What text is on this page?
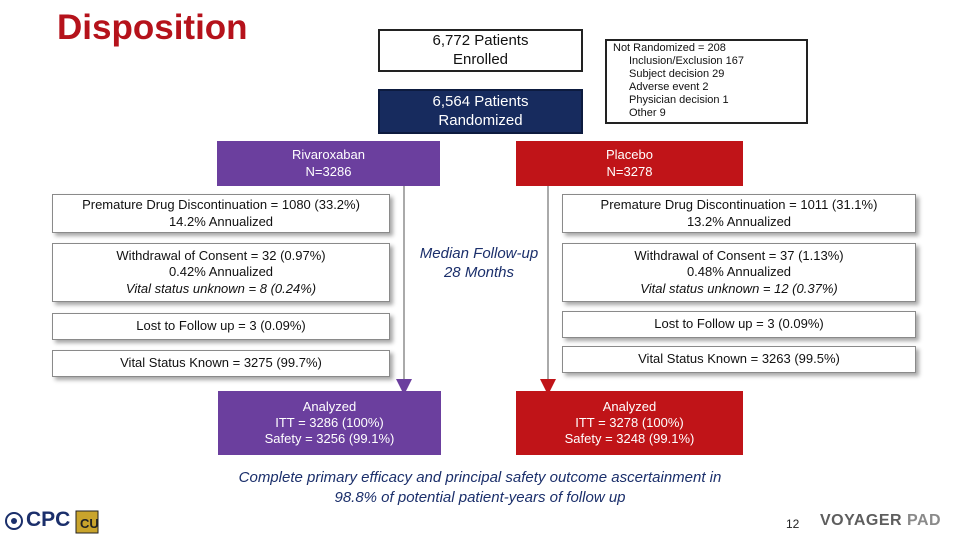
Disposition	6,772 Patients
Enrolled
6,564 Patients
Randomized
Not Randomized = 208
Inclusion/Exclusion 167
Subject decision 29
Adverse event 2
Physician decision 1
Other 9
Rivaroxaban
N=3286
Placebo
N=3278
Premature Drug Discontinuation = 1080 (33.2%)
14.2% Annualized
Withdrawal of Consent = 32 (0.97%)
0.42% Annualized
Vital status unknown = 8 (0.24%)
Lost to Follow up = 3 (0.09%)
Vital Status Known = 3275 (99.7%)
Premature Drug Discontinuation = 1011 (31.1%)
13.2% Annualized
Withdrawal of Consent = 37 (1.13%)
0.48% Annualized
Vital status unknown = 12 (0.37%)
Lost to Follow up = 3 (0.09%)
Vital Status Known = 3263 (99.5%)
Median Follow-up
28 Months
Analyzed
ITT = 3286 (100%)
Safety = 3256 (99.1%)
Analyzed
ITT = 3278 (100%)
Safety = 3248 (99.1%)
Complete primary efficacy and principal safety outcome ascertainment in
98.8% of potential patient-years of follow up
CU
CPC	12 VOYAGER PAD
